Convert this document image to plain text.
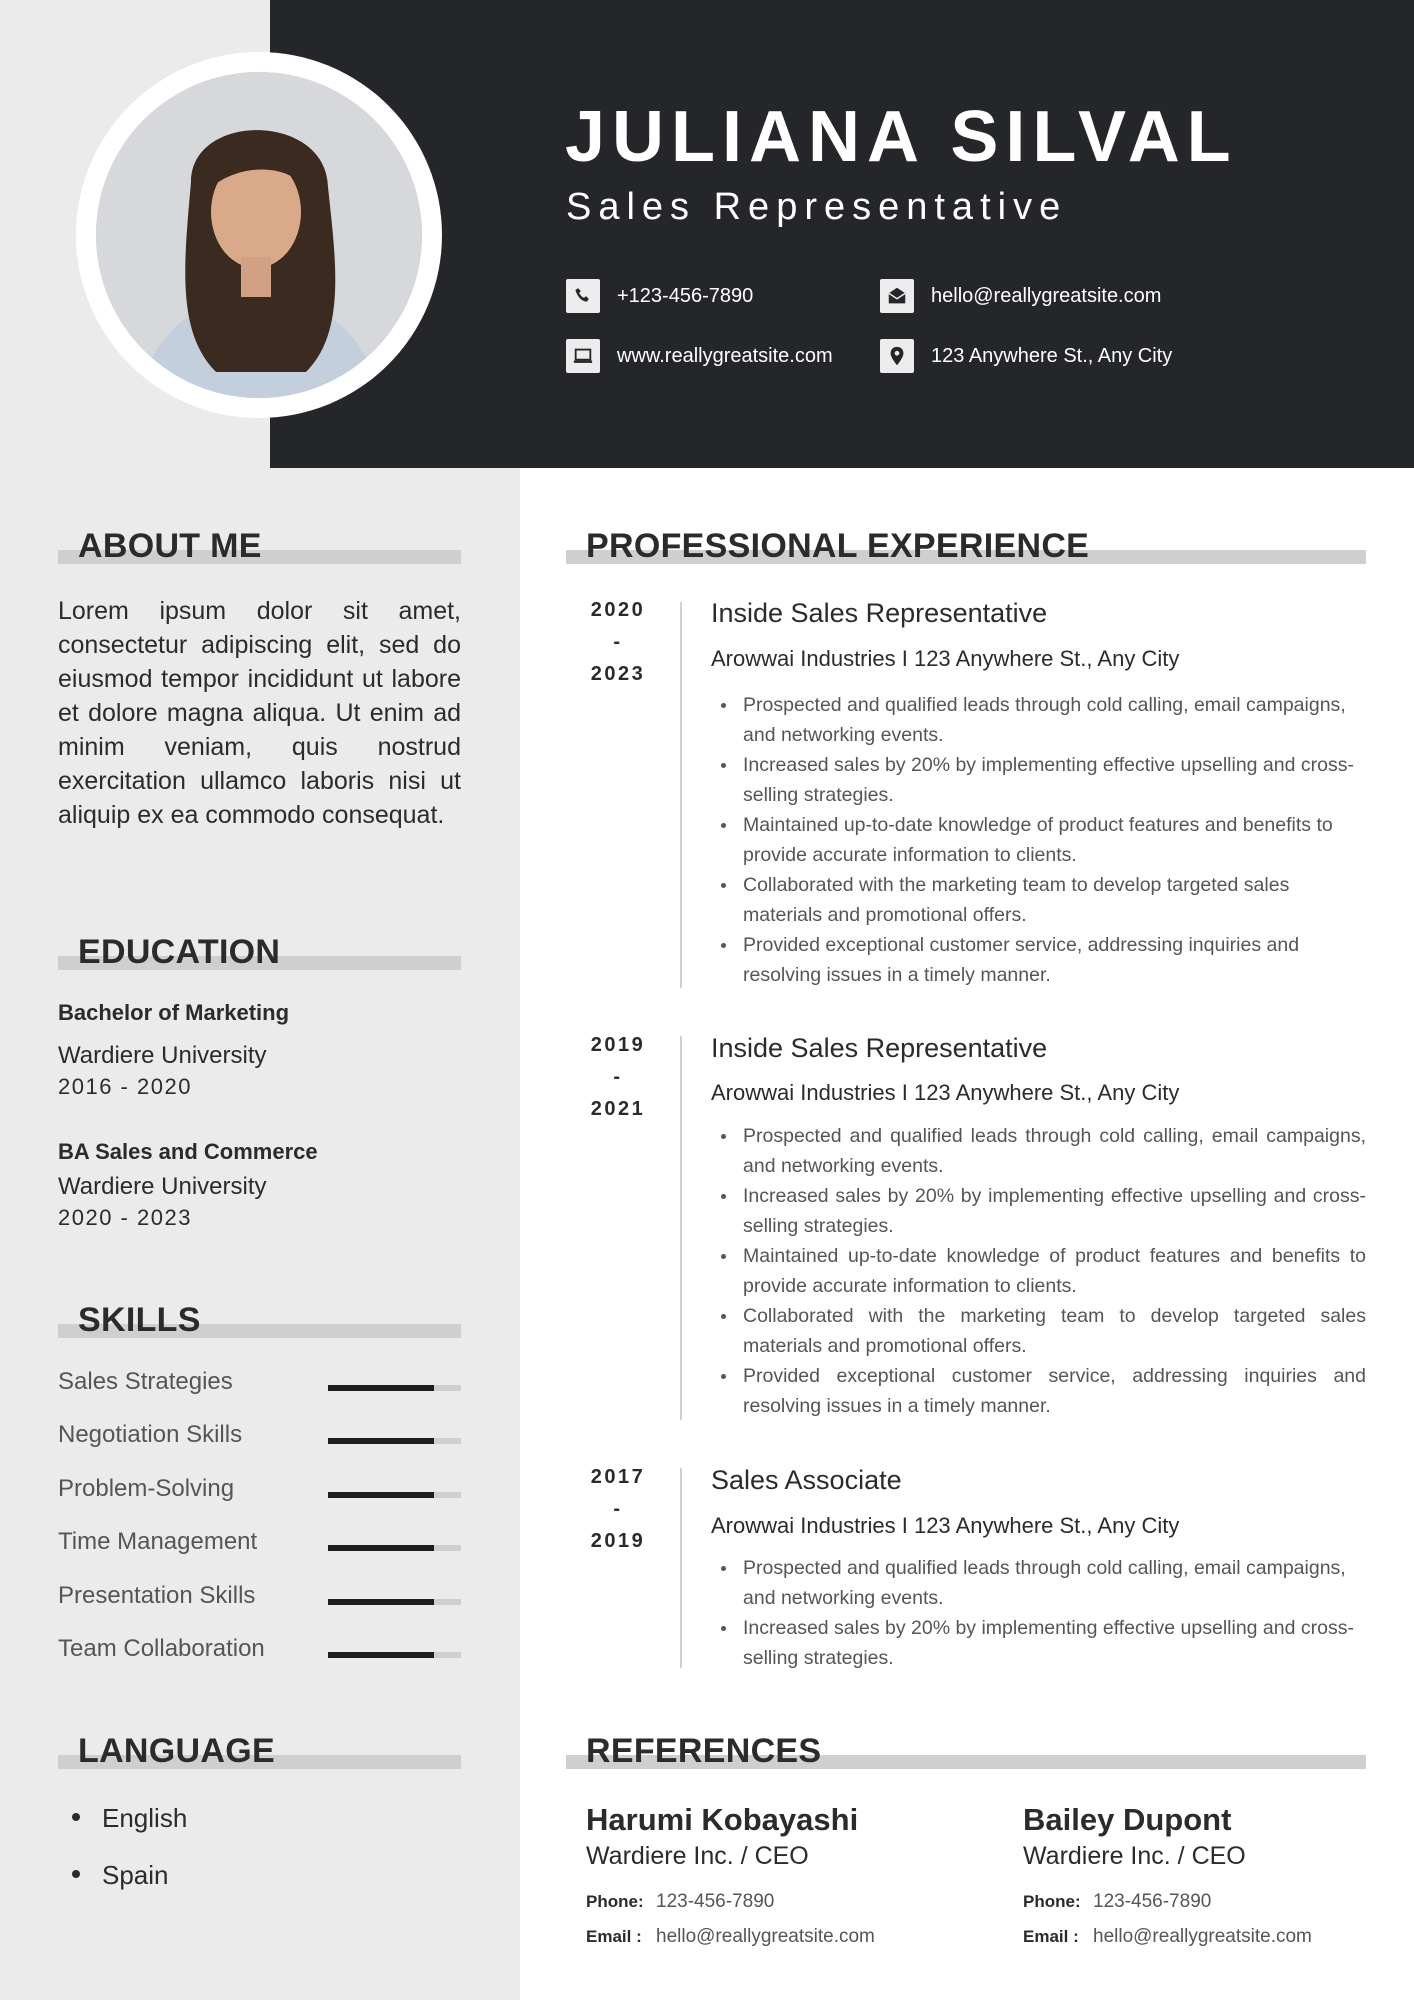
JULIANA SILVAL
Sales Representative
+123-456-7890	hello@reallygreatsite.com
www.reallygreatsite.com	123 Anywhere St., Any City
ABOUT ME
Lorem ipsum dolor sit amet, consectetur adipiscing elit, sed do eiusmod tempor incididunt ut labore et dolore magna aliqua. Ut enim ad minim veniam, quis nostrud exercitation ullamco laboris nisi ut aliquip ex ea commodo consequat.
EDUCATION
Bachelor of Marketing
Wardiere University
2016 - 2020
BA Sales and Commerce
Wardiere University
2020 - 2023
SKILLS
Sales Strategies
Negotiation Skills
Problem-Solving
Time Management
Presentation Skills
Team Collaboration
LANGUAGE
English
Spain
PROFESSIONAL EXPERIENCE
2020
-
2023
Inside Sales Representative
Arowwai Industries I 123 Anywhere St., Any City
Prospected and qualified leads through cold calling, email campaigns, and networking events.
Increased sales by 20% by implementing effective upselling and cross-selling strategies.
Maintained up-to-date knowledge of product features and benefits to provide accurate information to clients.
Collaborated with the marketing team to develop targeted sales materials and promotional offers.
Provided exceptional customer service, addressing inquiries and resolving issues in a timely manner.
2019
-
2021
Inside Sales Representative
Arowwai Industries I 123 Anywhere St., Any City
Prospected and qualified leads through cold calling, email campaigns, and networking events.
Increased sales by 20% by implementing effective upselling and cross-selling strategies.
Maintained up-to-date knowledge of product features and benefits to provide accurate information to clients.
Collaborated with the marketing team to develop targeted sales materials and promotional offers.
Provided exceptional customer service, addressing inquiries and resolving issues in a timely manner.
2017
-
2019
Sales Associate
Arowwai Industries I 123 Anywhere St., Any City
Prospected and qualified leads through cold calling, email campaigns, and networking events.
Increased sales by 20% by implementing effective upselling and cross-selling strategies.
REFERENCES
Harumi Kobayashi
Wardiere Inc. / CEO
Phone: 123-456-7890
Email : hello@reallygreatsite.com
Bailey Dupont
Wardiere Inc. / CEO
Phone: 123-456-7890
Email : hello@reallygreatsite.com
